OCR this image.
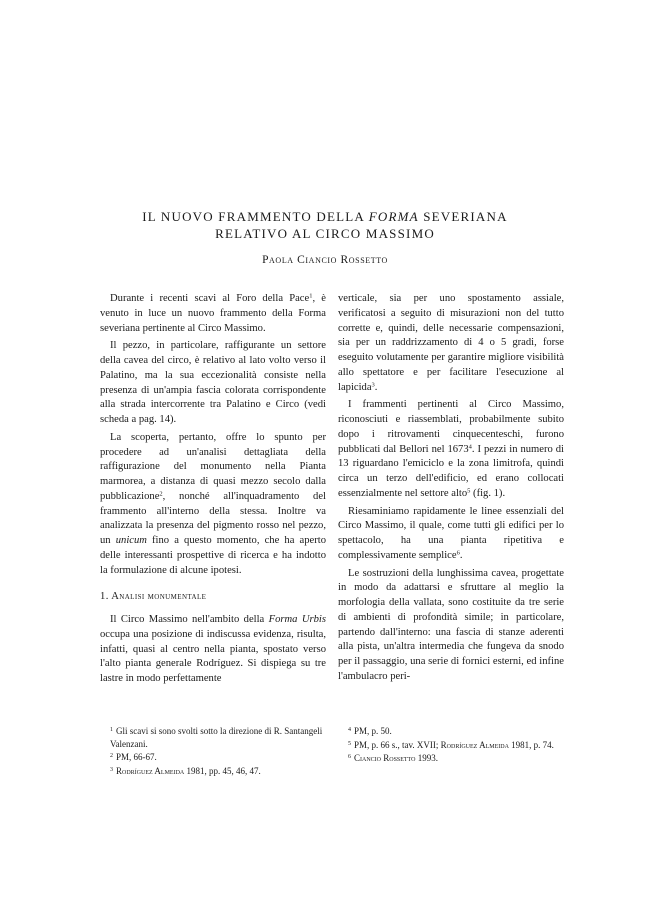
IL NUOVO FRAMMENTO DELLA FORMA SEVERIANA
RELATIVO AL CIRCO MASSIMO
Paola Ciancio Rossetto

Durante i recenti scavi al Foro della Pace$^1$, è venuto in luce un nuovo frammento della Forma severiana pertinente al Circo Massimo.

Il pezzo, in particolare, raffigurante un settore della cavea del circo, è relativo al lato volto verso il Palatino, ma la sua eccezionalità consiste nella presenza di un'ampia fascia colorata corrispondente alla strada intercorrente tra Palatino e Circo (vedi scheda a pag. 14).

La scoperta, pertanto, offre lo spunto per procedere ad un'analisi dettagliata della raffigurazione del monumento nella Pianta marmorea, a distanza di quasi mezzo secolo dalla pubblicazione$^2$, nonché all'inquadramento del frammento all'interno della stessa. Inoltre va analizzata la presenza del pigmento rosso nel pezzo, un unicum fino a questo momento, che ha aperto delle interessanti prospettive di ricerca e ha indotto la formulazione di alcune ipotesi.

1. Analisi monumentale

Il Circo Massimo nell'ambito della Forma Urbis occupa una posizione di indiscussa evidenza, risulta, infatti, quasi al centro nella pianta, spostato verso l'alto pianta generale Rodríguez. Si dispiega su tre lastre in modo perfettamente

verticale, sia per uno spostamento assiale, verificatosi a seguito di misurazioni non del tutto corrette e, quindi, delle necessarie compensazioni, sia per un raddrizzamento di 4 o 5 gradi, forse eseguito volutamente per garantire migliore visibilità allo spettatore e per facilitare l'esecuzione al lapicida$^3$.

I frammenti pertinenti al Circo Massimo, riconosciuti e riassemblati, probabilmente subito dopo i ritrovamenti cinquecenteschi, furono pubblicati dal Bellori nel 1673$^4$. I pezzi in numero di 13 riguardano l'emiciclo e la zona limitrofa, quindi circa un terzo dell'edificio, ed erano collocati essenzialmente nel settore alto$^5$ (fig. 1).

Riesaminiamo rapidamente le linee essenziali del Circo Massimo, il quale, come tutti gli edifici per lo spettacolo, ha una pianta ripetitiva e complessivamente semplice$^6$.

Le sostruzioni della lunghissima cavea, progettate in modo da adattarsi e sfruttare al meglio la morfologia della vallata, sono costituite da tre serie di ambienti di profondità simile; in particolare, partendo dall'interno: una fascia di stanze aderenti alla pista, un'altra intermedia che fungeva da snodo per il passaggio, una serie di fornici esterni, ed infine l'ambulacro peri-

$^1$ Gli scavi si sono svolti sotto la direzione di R. Santangeli Valenzani.

$^2$ PM, 66-67.

$^3$ Rodríguez Almeida 1981, pp. 45, 46, 47.

$^4$ PM, p. 50.

$^5$ PM, p. 66 s., tav. XVII; Rodríguez Almeida 1981, p. 74.

$^6$ Ciancio Rossetto 1993.
